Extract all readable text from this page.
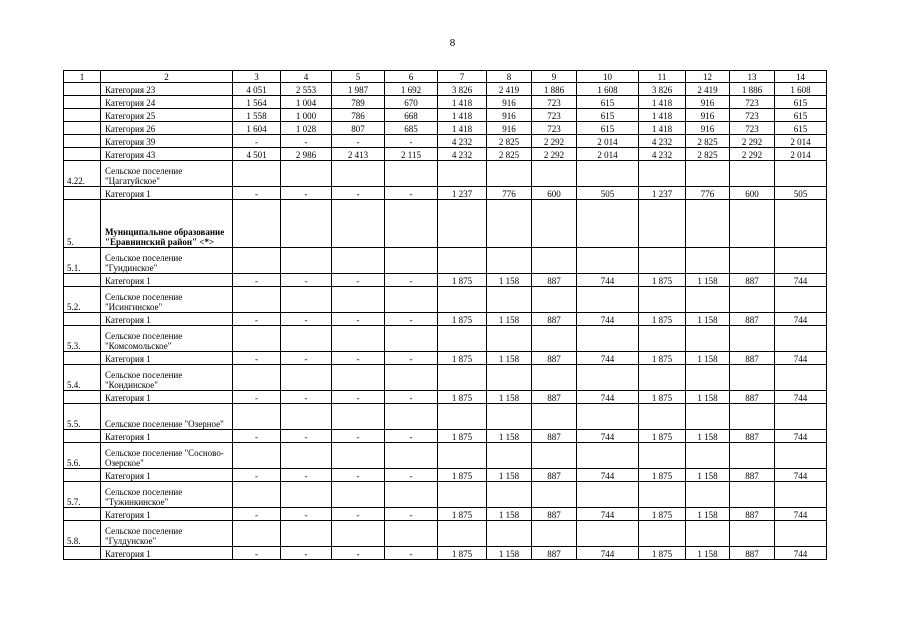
8
1	2	3	4	5	6	7	8	9	10	11	12	13	14
	Категория 23	4 051	2 553	1 987	1 692	3 826	2 419	1 886	1 608	3 826	2 419	1 886	1 608
	Категория 24	1 564	1 004	789	670	1 418	916	723	615	1 418	916	723	615
	Категория 25	1 558	1 000	786	668	1 418	916	723	615	1 418	916	723	615
	Категория 26	1 604	1 028	807	685	1 418	916	723	615	1 418	916	723	615
	Категория 39	-	-	-	-	4 232	2 825	2 292	2 014	4 232	2 825	2 292	2 014
	Категория 43	4 501	2 986	2 413	2 115	4 232	2 825	2 292	2 014	4 232	2 825	2 292	2 014
4.22.	Сельское поселение "Цагатуйское"												
	Категория 1	-	-	-	-	1 237	776	600	505	1 237	776	600	505
5.	Муниципальное образование "Еравнинский район" <*>												
5.1.	Сельское поселение "Гундинское"												
	Категория 1	-	-	-	-	1 875	1 158	887	744	1 875	1 158	887	744
5.2.	Сельское поселение "Исингинское"												
	Категория 1	-	-	-	-	1 875	1 158	887	744	1 875	1 158	887	744
5.3.	Сельское поселение "Комсомольское"												
	Категория 1	-	-	-	-	1 875	1 158	887	744	1 875	1 158	887	744
5.4.	Сельское поселение "Кондинское"												
	Категория 1	-	-	-	-	1 875	1 158	887	744	1 875	1 158	887	744
5.5.	Сельское поселение "Озерное"												
	Категория 1	-	-	-	-	1 875	1 158	887	744	1 875	1 158	887	744
5.6.	Сельское поселение "Сосново-Озерское"												
	Категория 1	-	-	-	-	1 875	1 158	887	744	1 875	1 158	887	744
5.7.	Сельское поселение "Тужинкинское"												
	Категория 1	-	-	-	-	1 875	1 158	887	744	1 875	1 158	887	744
5.8.	Сельское поселение "Гулдунское"												
	Категория 1	-	-	-	-	1 875	1 158	887	744	1 875	1 158	887	744
